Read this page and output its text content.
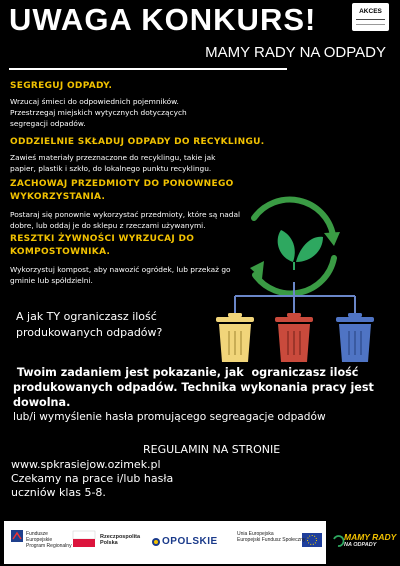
UWAGA KONKURS!	AKCES
MAMY RADY NA ODPADY
SEGREGUJ ODPADY.
Wrzucaj śmieci do odpowiednich pojemników.
Przestrzegaj miejskich wytycznych dotyczących
segregacji odpadów.
ODDZIELNIE SKŁADUJ ODPADY DO RECYKLINGU.
Zawieś materiały przeznaczone do recyklingu, takie jak
papier, plastik i szkło, do lokalnego punktu recyklingu.
ZACHOWAJ PRZEDMIOTY DO PONOWNEGO
WYKORZYSTANIA.
Postaraj się ponownie wykorzystać przedmioty, które są nadal
dobre, lub oddaj je do sklepu z rzeczami używanymi.
RESZTKI ŻYWNOŚCI WYRZUCAJ DO
KOMPOSTOWNIKA.
Wykorzystuj kompost, aby nawozić ogródek, lub przekaż go
gminie lub spółdzielni.
A jak TY ograniczasz ilość
produkowanych odpadów?
Twoim zadaniem jest pokazanie, jak  ograniczasz ilość
produkowanych odpadów. Technika wykonania pracy jest
dowolna.
lub/i wymyślenie hasła promującego segreagacje odpadów
REGULAMIN NA STRONIE
www.spkrasiejow.ozimek.pl
Czekamy na prace i/lub hasła
uczniów klas 5-8.
Fundusze
Europejskie
Program Regionalny
Rzeczpospolita
Polska	OPOLSKIE
Unia Europejska
Europejski Fundusz Społeczny	MAMY RADY
NA ODPADY
